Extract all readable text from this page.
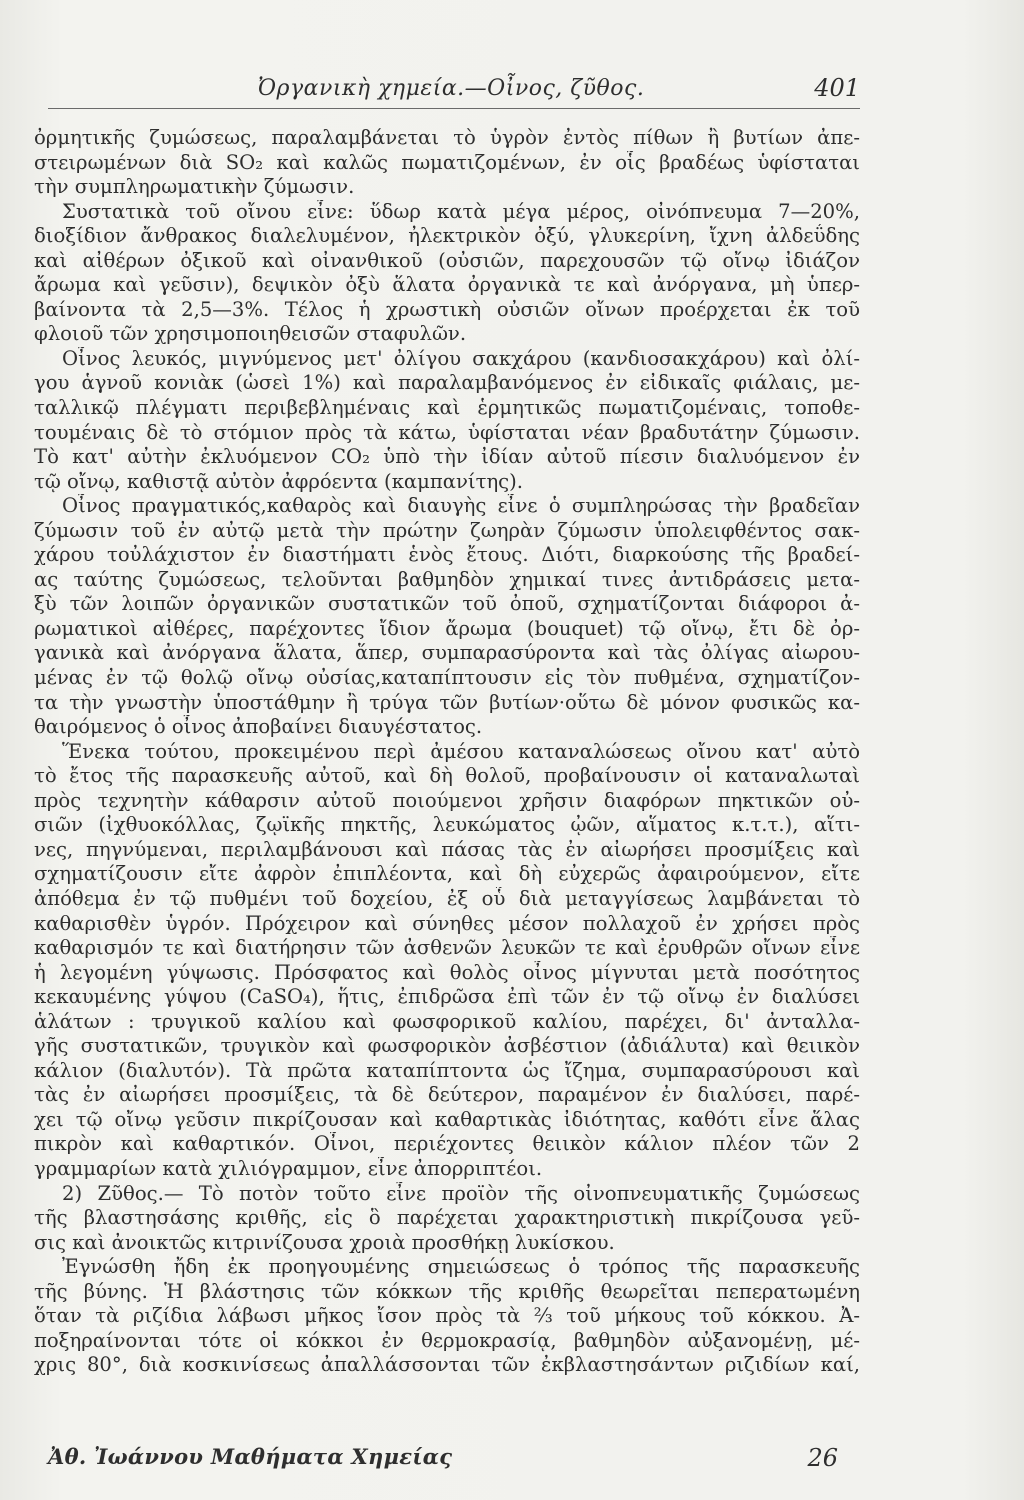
Ὀργανικὴ χημεία.—Οἶνος, ζῦθος.	401
ὀρμητικῆς ζυμώσεως, παραλαμβάνεται τὸ ὑγρὸν ἐντὸς πίθων ἢ βυτίων ἀπε-
στειρωμένων διὰ SO₂ καὶ καλῶς πωματιζομένων, ἐν οἷς βραδέως ὑφίσταται
τὴν συμπληρωματικὴν ζύμωσιν.
Συστατικὰ τοῦ οἴνου εἶνε: ὕδωρ κατὰ μέγα μέρος, οἰνόπνευμα 7—20%,
διοξίδιον ἄνθρακος διαλελυμένον, ἠλεκτρικὸν ὀξύ, γλυκερίνη, ἴχνη ἀλδεΰδης
καὶ αἰθέρων ὀξικοῦ καὶ οἰνανθικοῦ (οὐσιῶν, παρεχουσῶν τῷ οἴνῳ ἰδιάζον
ἄρωμα καὶ γεῦσιν), δεψικὸν ὀξὺ ἅλατα ὀργανικὰ τε καὶ ἀνόργανα, μὴ ὑπερ-
βαίνοντα τὰ 2,5—3%. Τέλος ἡ χρωστικὴ οὐσιῶν οἴνων προέρχεται ἐκ τοῦ
φλοιοῦ τῶν χρησιμοποιηθεισῶν σταφυλῶν.
Οἶνος λευκός, μιγνύμενος μετ' ὀλίγου σακχάρου (κανδιοσακχάρου) καὶ ὀλί-
γου ἁγνοῦ κονιὰκ (ὡσεὶ 1%) καὶ παραλαμβανόμενος ἐν εἰδικαῖς φιάλαις, με-
ταλλικῷ πλέγματι περιβεβλημέναις καὶ ἑρμητικῶς πωματιζομέναις, τοποθε-
τουμέναις δὲ τὸ στόμιον πρὸς τὰ κάτω, ὑφίσταται νέαν βραδυτάτην ζύμωσιν.
Τὸ κατ' αὐτὴν ἐκλυόμενον CO₂ ὑπὸ τὴν ἰδίαν αὐτοῦ πίεσιν διαλυόμενον ἐν
τῷ οἴνῳ, καθιστᾷ αὐτὸν ἀφρόεντα (καμπανίτης).
Οἶνος πραγματικός,καθαρὸς καὶ διαυγὴς εἶνε ὁ συμπληρώσας τὴν βραδεῖαν
ζύμωσιν τοῦ ἐν αὐτῷ μετὰ τὴν πρώτην ζωηρὰν ζύμωσιν ὑπολειφθέντος σακ-
χάρου τοὐλάχιστον ἐν διαστήματι ἑνὸς ἔτους. Διότι, διαρκούσης τῆς βραδεί-
ας ταύτης ζυμώσεως, τελοῦνται βαθμηδὸν χημικαί τινες ἀντιδράσεις μετα-
ξὺ τῶν λοιπῶν ὀργανικῶν συστατικῶν τοῦ ὀποῦ, σχηματίζονται διάφοροι ἀ-
ρωματικοὶ αἰθέρες, παρέχοντες ἴδιον ἄρωμα (bouquet) τῷ οἴνῳ, ἔτι δὲ ὀρ-
γανικὰ καὶ ἀνόργανα ἅλατα, ἅπερ, συμπαρασύροντα καὶ τὰς ὀλίγας αἰωρου-
μένας ἐν τῷ θολῷ οἴνῳ οὐσίας,καταπίπτουσιν εἰς τὸν πυθμένα, σχηματίζον-
τα τὴν γνωστὴν ὑποστάθμην ἢ τρύγα τῶν βυτίων·οὕτω δὲ μόνον φυσικῶς κα-
θαιρόμενος ὁ οἶνος ἀποβαίνει διαυγέστατος.
Ἕνεκα τούτου, προκειμένου περὶ ἀμέσου καταναλώσεως οἴνου κατ' αὐτὸ
τὸ ἔτος τῆς παρασκευῆς αὐτοῦ, καὶ δὴ θολοῦ, προβαίνουσιν οἱ καταναλωταὶ
πρὸς τεχνητὴν κάθαρσιν αὐτοῦ ποιούμενοι χρῆσιν διαφόρων πηκτικῶν οὐ-
σιῶν (ἰχθυοκόλλας, ζῳϊκῆς πηκτῆς, λευκώματος ᾠῶν, αἵματος κ.τ.τ.), αἵτι-
νες, πηγνύμεναι, περιλαμβάνουσι καὶ πάσας τὰς ἐν αἰωρήσει προσμίξεις καὶ
σχηματίζουσιν εἴτε ἀφρὸν ἐπιπλέοντα, καὶ δὴ εὐχερῶς ἀφαιρούμενον, εἴτε
ἀπόθεμα ἐν τῷ πυθμένι τοῦ δοχείου, ἐξ οὗ διὰ μεταγγίσεως λαμβάνεται τὸ
καθαρισθὲν ὑγρόν. Πρόχειρον καὶ σύνηθες μέσον πολλαχοῦ ἐν χρήσει πρὸς
καθαρισμόν τε καὶ διατήρησιν τῶν ἀσθενῶν λευκῶν τε καὶ ἐρυθρῶν οἴνων εἶνε
ἡ λεγομένη γύψωσις. Πρόσφατος καὶ θολὸς οἶνος μίγνυται μετὰ ποσότητος
κεκαυμένης γύψου (CaSO₄), ἥτις, ἐπιδρῶσα ἐπὶ τῶν ἐν τῷ οἴνῳ ἐν διαλύσει
ἁλάτων : τρυγικοῦ καλίου καὶ φωσφορικοῦ καλίου, παρέχει, δι' ἀνταλλα-
γῆς συστατικῶν, τρυγικὸν καὶ φωσφορικὸν ἀσβέστιον (ἀδιάλυτα) καὶ θειικὸν
κάλιον (διαλυτόν). Τὰ πρῶτα καταπίπτοντα ὡς ἴζημα, συμπαρασύρουσι καὶ
τὰς ἐν αἰωρήσει προσμίξεις, τὰ δὲ δεύτερον, παραμένον ἐν διαλύσει, παρέ-
χει τῷ οἴνῳ γεῦσιν πικρίζουσαν καὶ καθαρτικὰς ἰδιότητας, καθότι εἶνε ἅλας
πικρὸν καὶ καθαρτικόν. Οἶνοι, περιέχοντες θειικὸν κάλιον πλέον τῶν 2
γραμμαρίων κατὰ χιλιόγραμμον, εἶνε ἀπορριπτέοι.
2) Ζῦθος.— Τὸ ποτὸν τοῦτο εἶνε προϊὸν τῆς οἰνοπνευματικῆς ζυμώσεως
τῆς βλαστησάσης κριθῆς, εἰς ὃ παρέχεται χαρακτηριστικὴ πικρίζουσα γεῦ-
σις καὶ ἀνοικτῶς κιτρινίζουσα χροιὰ προσθήκῃ λυκίσκου.
Ἐγνώσθη ἤδη ἐκ προηγουμένης σημειώσεως ὁ τρόπος τῆς παρασκευῆς
τῆς βύνης. Ἡ βλάστησις τῶν κόκκων τῆς κριθῆς θεωρεῖται πεπερατωμένη
ὅταν τὰ ριζίδια λάβωσι μῆκος ἴσον πρὸς τὰ ⅔ τοῦ μήκους τοῦ κόκκου. Ἀ-
ποξηραίνονται τότε οἱ κόκκοι ἐν θερμοκρασίᾳ, βαθμηδὸν αὐξανομένῃ, μέ-
χρις 80°, διὰ κοσκινίσεως ἀπαλλάσσονται τῶν ἐκβλαστησάντων ριζιδίων καί,
Ἀθ. Ἰωάννου Μαθήματα Χημείας	26
